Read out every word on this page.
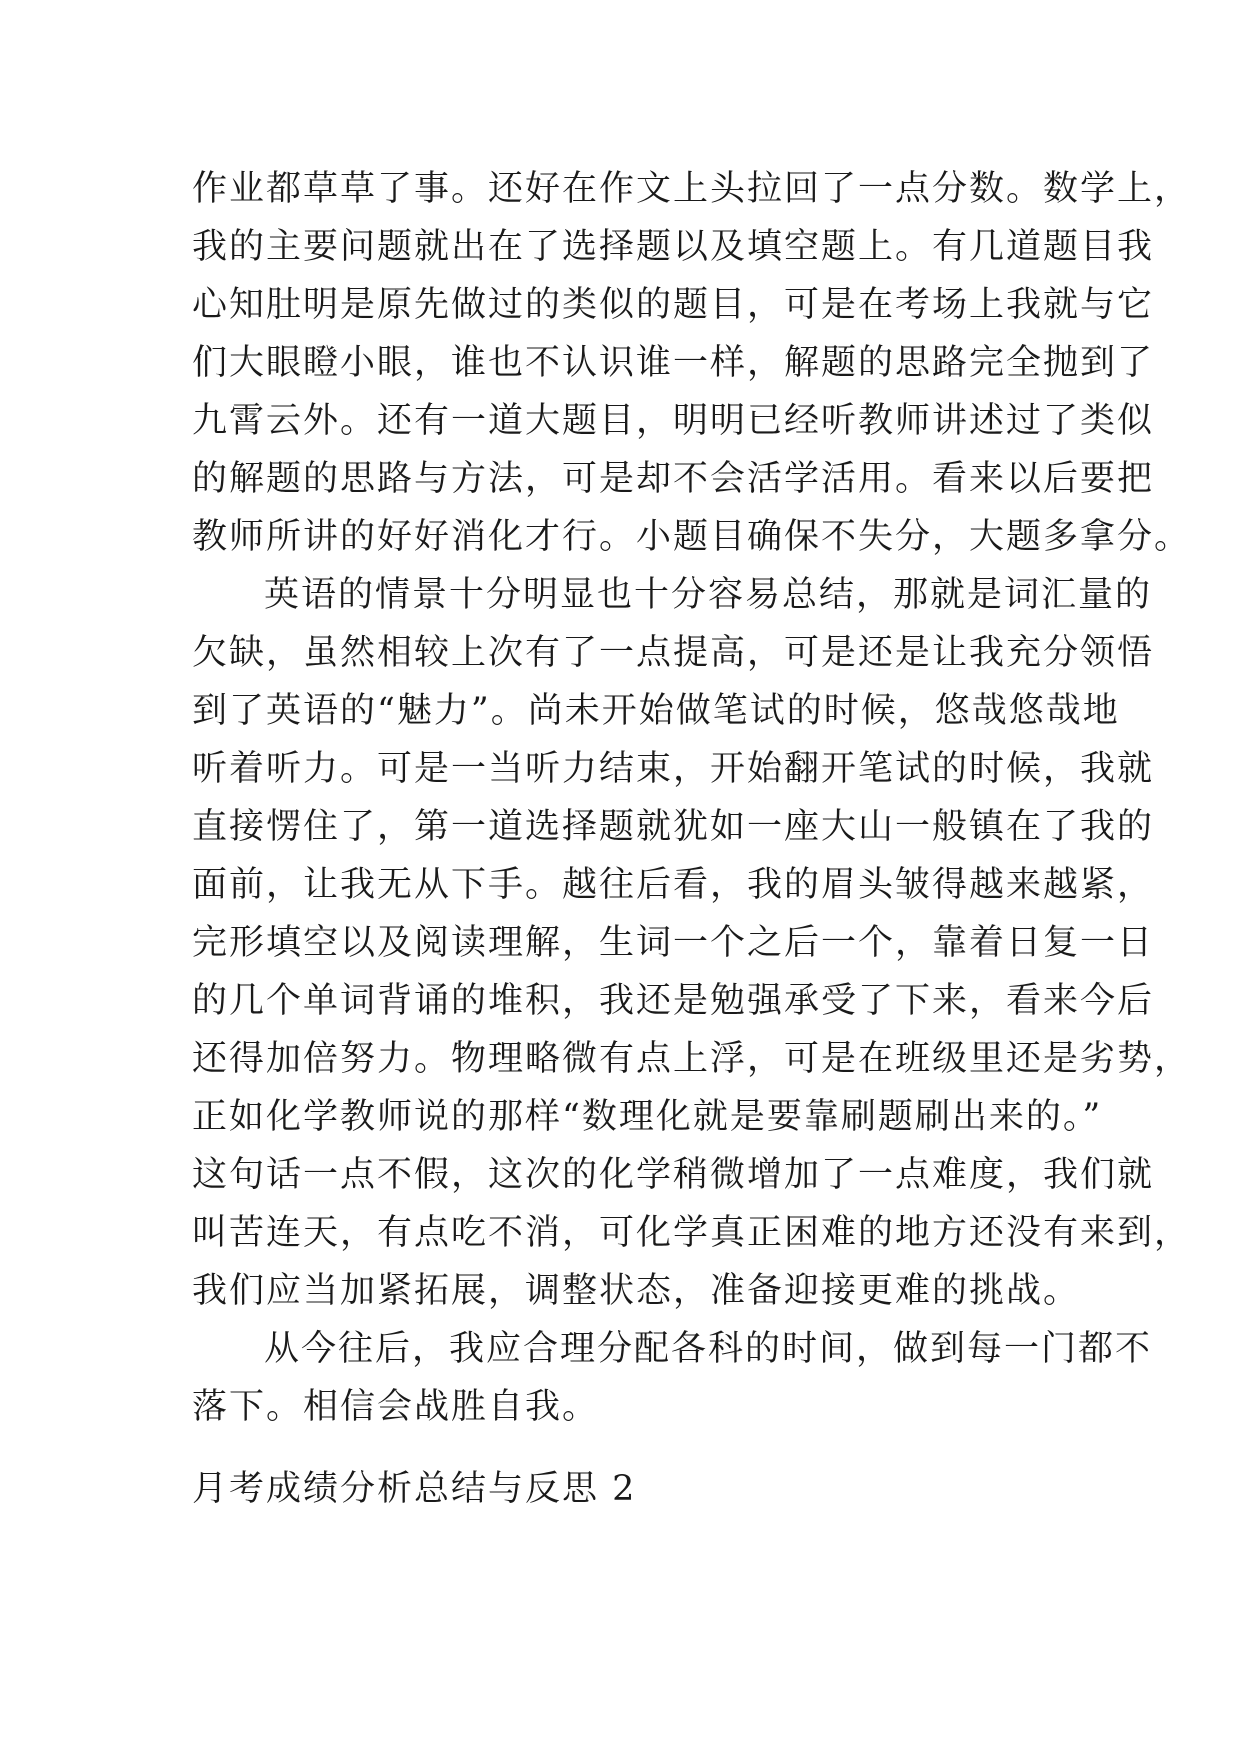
作业都草草了事。还好在作文上头拉回了一点分数。数学上，
我的主要问题就出在了选择题以及填空题上。有几道题目我
心知肚明是原先做过的类似的题目，可是在考场上我就与它
们大眼瞪小眼，谁也不认识谁一样，解题的思路完全抛到了
九霄云外。还有一道大题目，明明已经听教师讲述过了类似
的解题的思路与方法，可是却不会活学活用。看来以后要把
教师所讲的好好消化才行。小题目确保不失分，大题多拿分。
英语的情景十分明显也十分容易总结，那就是词汇量的
欠缺，虽然相较上次有了一点提高，可是还是让我充分领悟
到了英语的“魅力”。尚未开始做笔试的时候，悠哉悠哉地
听着听力。可是一当听力结束，开始翻开笔试的时候，我就
直接愣住了，第一道选择题就犹如一座大山一般镇在了我的
面前，让我无从下手。越往后看，我的眉头皱得越来越紧，
完形填空以及阅读理解，生词一个之后一个，靠着日复一日
的几个单词背诵的堆积，我还是勉强承受了下来，看来今后
还得加倍努力。物理略微有点上浮，可是在班级里还是劣势，
正如化学教师说的那样“数理化就是要靠刷题刷出来的。”
这句话一点不假，这次的化学稍微增加了一点难度，我们就
叫苦连天，有点吃不消，可化学真正困难的地方还没有来到，
我们应当加紧拓展，调整状态，准备迎接更难的挑战。
从今往后，我应合理分配各科的时间，做到每一门都不
落下。相信会战胜自我。
月考成绩分析总结与反思 2
